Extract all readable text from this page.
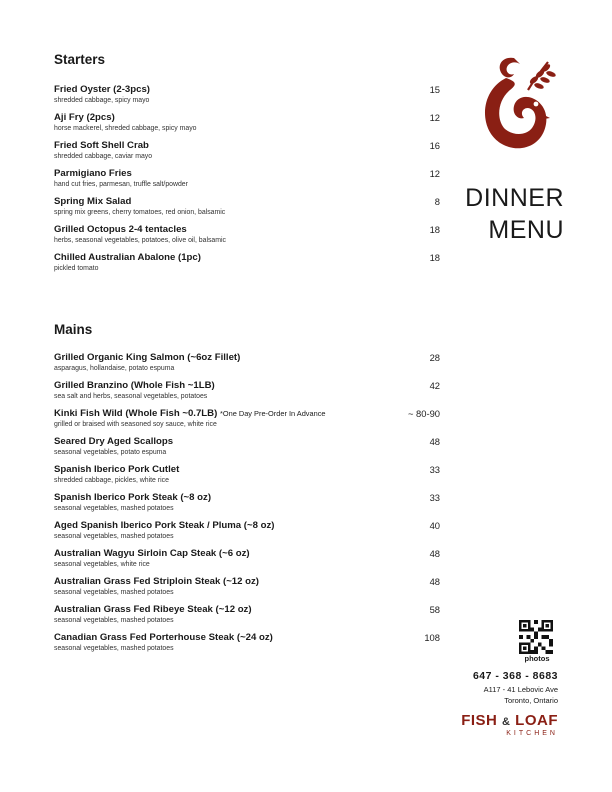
Starters
Fried Oyster (2-3pcs)
shredded cabbage, spicy mayo
15
Aji Fry (2pcs)
horse mackerel, shreded cabbage, spicy mayo
12
Fried Soft Shell Crab
shredded cabbage, caviar mayo
16
Parmigiano Fries
hand cut fries, parmesan, truffle salt/powder
12
Spring Mix Salad
spring mix greens, cherry tomatoes, red onion, balsamic
8
Grilled Octopus 2-4 tentacles
herbs, seasonal vegetables, potatoes, olive oil, balsamic
18
Chilled Australian Abalone (1pc)
pickled tomato
18
Mains
Grilled Organic King Salmon (~6oz Fillet)
asparagus, hollandaise, potato espuma
28
Grilled Branzino (Whole Fish ~1LB)
sea salt and herbs, seasonal vegetables, potatoes
42
Kinki Fish Wild (Whole Fish ~0.7LB) *One Day Pre-Order In Advance
grilled or braised with seasoned soy sauce, white rice
~ 80-90
Seared Dry Aged Scallops
seasonal vegetables, potato espuma
48
Spanish Iberico Pork Cutlet
shredded cabbage, pickles, white rice
33
Spanish Iberico Pork Steak (~8 oz)
seasonal vegetables, mashed potatoes
33
Aged Spanish Iberico Pork Steak / Pluma (~8 oz)
seasonal vegetables, mashed potatoes
40
Australian Wagyu Sirloin Cap Steak (~6 oz)
seasonal vegetables, white rice
48
Australian Grass Fed Striploin Steak (~12 oz)
seasonal vegetables, mashed potatoes
48
Australian Grass Fed Ribeye Steak (~12 oz)
seasonal vegetables, mashed potatoes
58
Canadian Grass Fed Porterhouse Steak (~24 oz)
seasonal vegetables, mashed potatoes
108
DINNER
MENU
photos
647 - 368 - 8683
A117 - 41 Lebovic Ave
Toronto, Ontario
FISH & LOAF
KITCHEN
